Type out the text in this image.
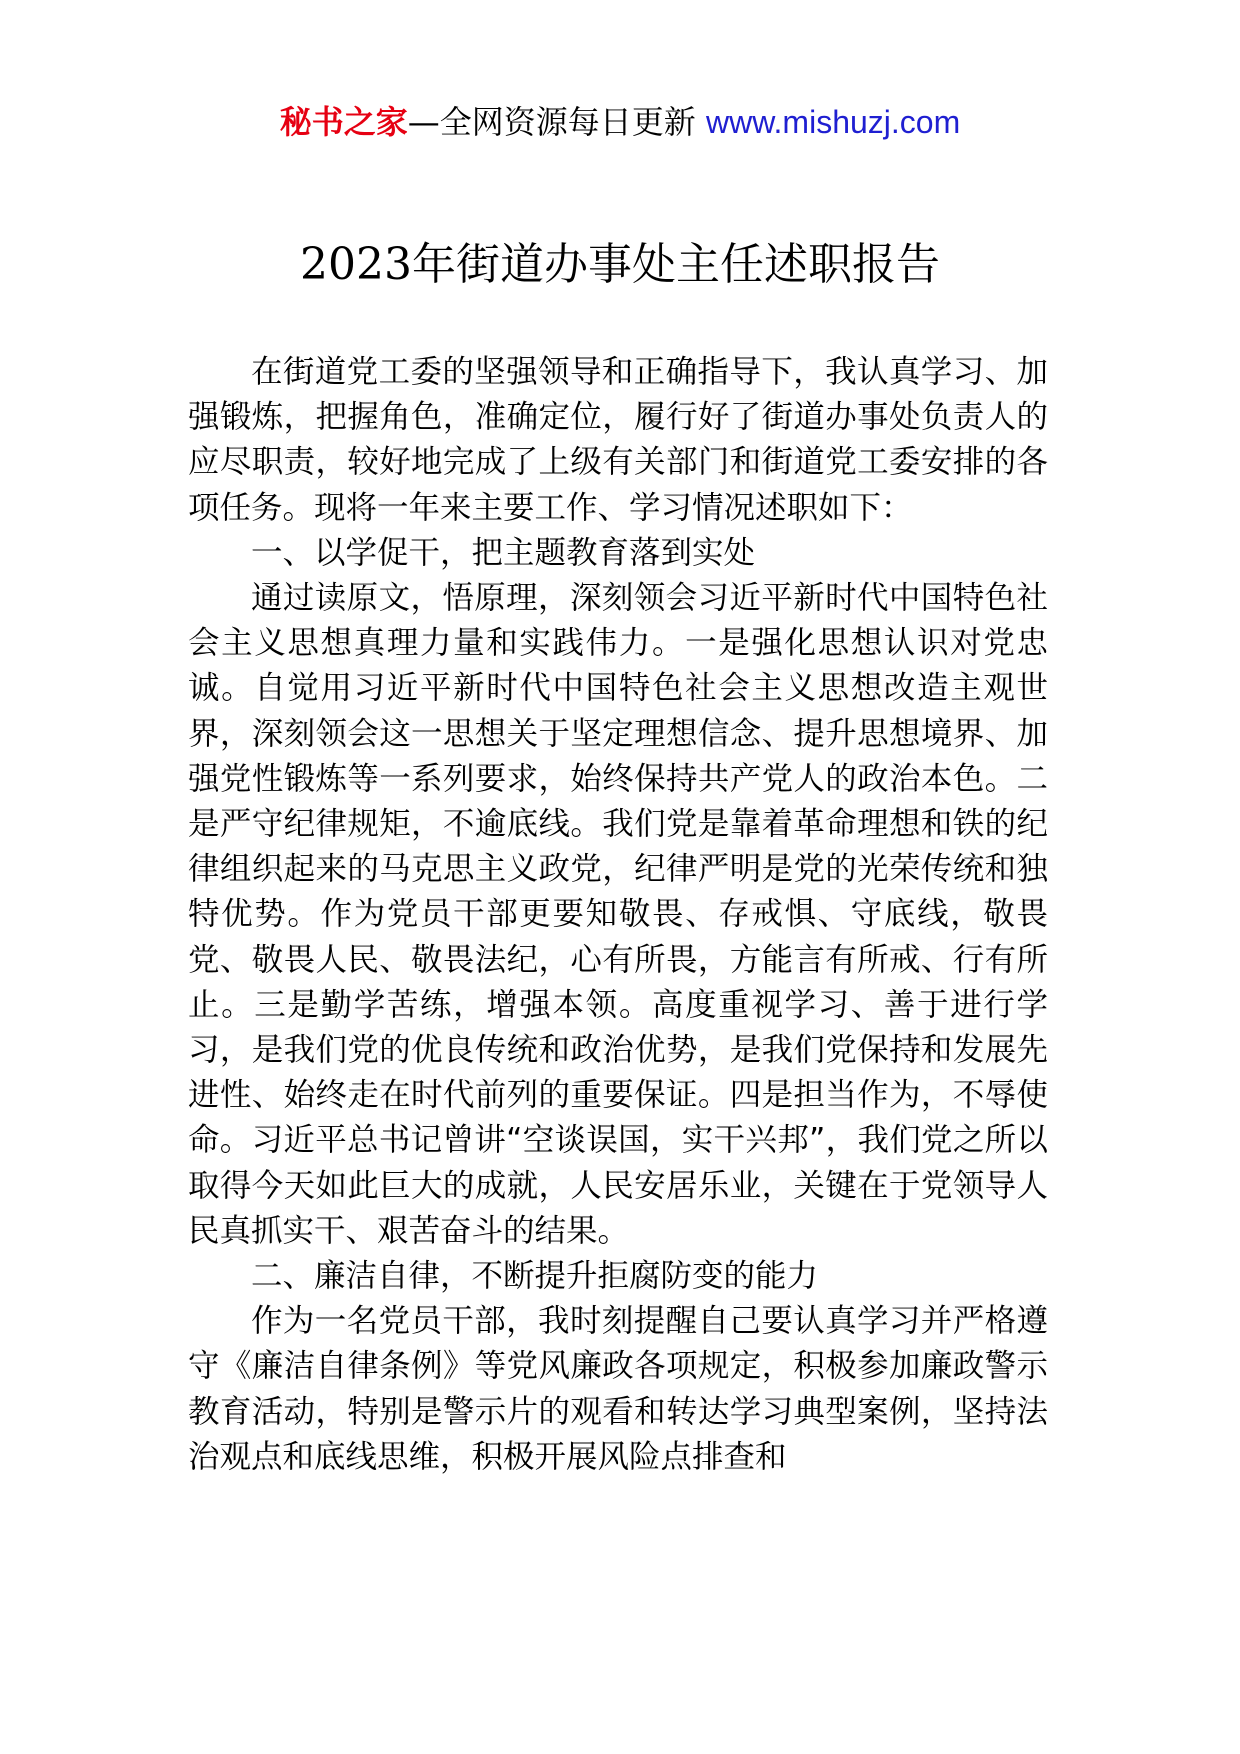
秘书之家—全网资源每日更新 www.mishuzj.com
2023年街道办事处主任述职报告

在街道党工委的坚强领导和正确指导下，我认真学习、加强锻炼，把握角色，准确定位，履行好了街道办事处负责人的应尽职责，较好地完成了上级有关部门和街道党工委安排的各项任务。现将一年来主要工作、学习情况述职如下：

一、以学促干，把主题教育落到实处

通过读原文，悟原理，深刻领会习近平新时代中国特色社会主义思想真理力量和实践伟力。一是强化思想认识对党忠诚。自觉用习近平新时代中国特色社会主义思想改造主观世界，深刻领会这一思想关于坚定理想信念、提升思想境界、加强党性锻炼等一系列要求，始终保持共产党人的政治本色。二是严守纪律规矩，不逾底线。我们党是靠着革命理想和铁的纪律组织起来的马克思主义政党，纪律严明是党的光荣传统和独特优势。作为党员干部更要知敬畏、存戒惧、守底线，敬畏党、敬畏人民、敬畏法纪，心有所畏，方能言有所戒、行有所止。三是勤学苦练，增强本领。高度重视学习、善于进行学习，是我们党的优良传统和政治优势，是我们党保持和发展先进性、始终走在时代前列的重要保证。四是担当作为，不辱使命。习近平总书记曾讲“空谈误国，实干兴邦”，我们党之所以取得今天如此巨大的成就，人民安居乐业，关键在于党领导人民真抓实干、艰苦奋斗的结果。

二、廉洁自律，不断提升拒腐防变的能力

作为一名党员干部，我时刻提醒自己要认真学习并严格遵守《廉洁自律条例》等党风廉政各项规定，积极参加廉政警示教育活动，特别是警示片的观看和转达学习典型案例，坚持法治观点和底线思维，积极开展风险点排查和
